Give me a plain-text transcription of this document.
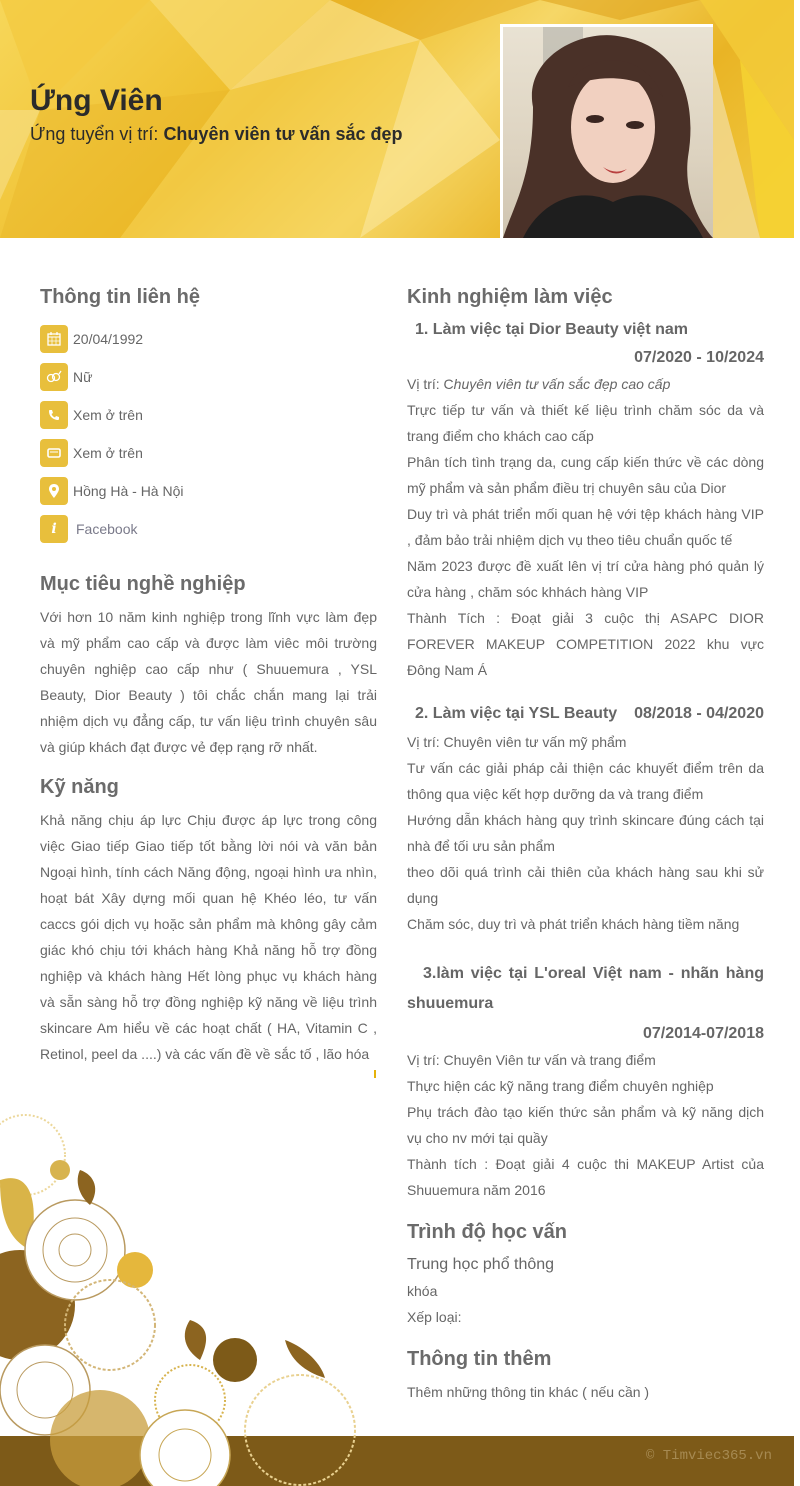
Ứng Viên
Ứng tuyển vị trí: Chuyên viên tư vấn sắc đẹp
Thông tin liên hệ
20/04/1992
Nữ
Xem ở trên
Xem ở trên
Hồng Hà - Hà Nội
i	Facebook
Mục tiêu nghề nghiệp
Với hơn 10 năm kinh nghiệp trong lĩnh vực làm đẹp và mỹ phẩm cao cấp và được làm viêc môi trường chuyên nghiệp cao cấp như ( Shuuemura , YSL Beauty, Dior Beauty ) tôi chắc chắn mang lại trải nhiệm dịch vụ đẳng cấp, tư vấn liệu trình chuyên sâu và giúp khách đạt được vẻ đẹp rạng rỡ nhất.
Kỹ năng
Khả năng chịu áp lực Chịu được áp lực trong công việc Giao tiếp Giao tiếp tốt bằng lời nói và văn bản Ngoại hình, tính cách Năng động, ngoại hình ưa nhìn, hoạt bát Xây dựng mối quan hệ Khéo léo, tư vấn caccs gói dịch vụ hoặc sản phẩm mà không gây cảm giác khó chịu tới khách hàng Khả năng hỗ trợ đồng nghiệp và khách hàng Hết lòng phục vụ khách hàng và sẵn sàng hỗ trợ đồng nghiệp kỹ năng về liệu trình skincare Am hiểu về các hoạt chất ( HA, Vitamin C , Retinol, peel da ....) và các vấn đề về sắc tố , lão hóa
Kinh nghiệm làm việc
1. Làm việc tại Dior Beauty việt nam
07/2020 - 10/2024
Vị trí: Chuyên viên tư vấn sắc đẹp cao cấp
Trực tiếp tư vấn và thiết kế liệu trình chăm sóc da và trang điểm cho khách cao cấp
Phân tích tình trạng da, cung cấp kiến thức về các dòng mỹ phẩm và sản phẩm điều trị chuyên sâu của Dior
Duy trì và phát triển mối quan hệ với tệp khách hàng VIP , đảm bảo trải nhiệm dịch vụ theo tiêu chuẩn quốc tế
Năm 2023 được đề xuất lên vị trí cửa hàng phó quản lý cửa hàng , chăm sóc khhách hàng VIP
Thành Tích : Đoạt giải 3 cuộc thị ASAPC DIOR FOREVER MAKEUP COMPETITION 2022 khu vực Đông Nam Á
2. Làm việc tại YSL Beauty 08/2018 - 04/2020
Vị trí: Chuyên viên tư vấn mỹ phẩm
Tư vấn các giải pháp cải thiện các khuyết điểm trên da thông qua việc kết hợp dưỡng da và trang điểm
Hướng dẫn khách hàng quy trình skincare đúng cách tại nhà để tối ưu sản phẩm
theo dõi quá trình cải thiên của khách hàng sau khi sử dụng
Chăm sóc, duy trì và phát triển khách hàng tiềm năng
3.làm việc tại L'oreal Việt nam - nhãn hàng shuuemura
07/2014-07/2018
Vị trí: Chuyên Viên tư vấn và trang điểm
Thực hiện các kỹ năng trang điểm chuyên nghiệp
Phụ trách đào tạo kiến thức sản phẩm và kỹ năng dịch vụ cho nv mới tại quầy
Thành tích : Đoạt giải 4 cuộc thi MAKEUP Artist của Shuuemura năm 2016
Trình độ học vấn
Trung học phổ thông
khóa
Xếp loại:
Thông tin thêm
Thêm những thông tin khác ( nếu cần )
© Timviec365.vn
